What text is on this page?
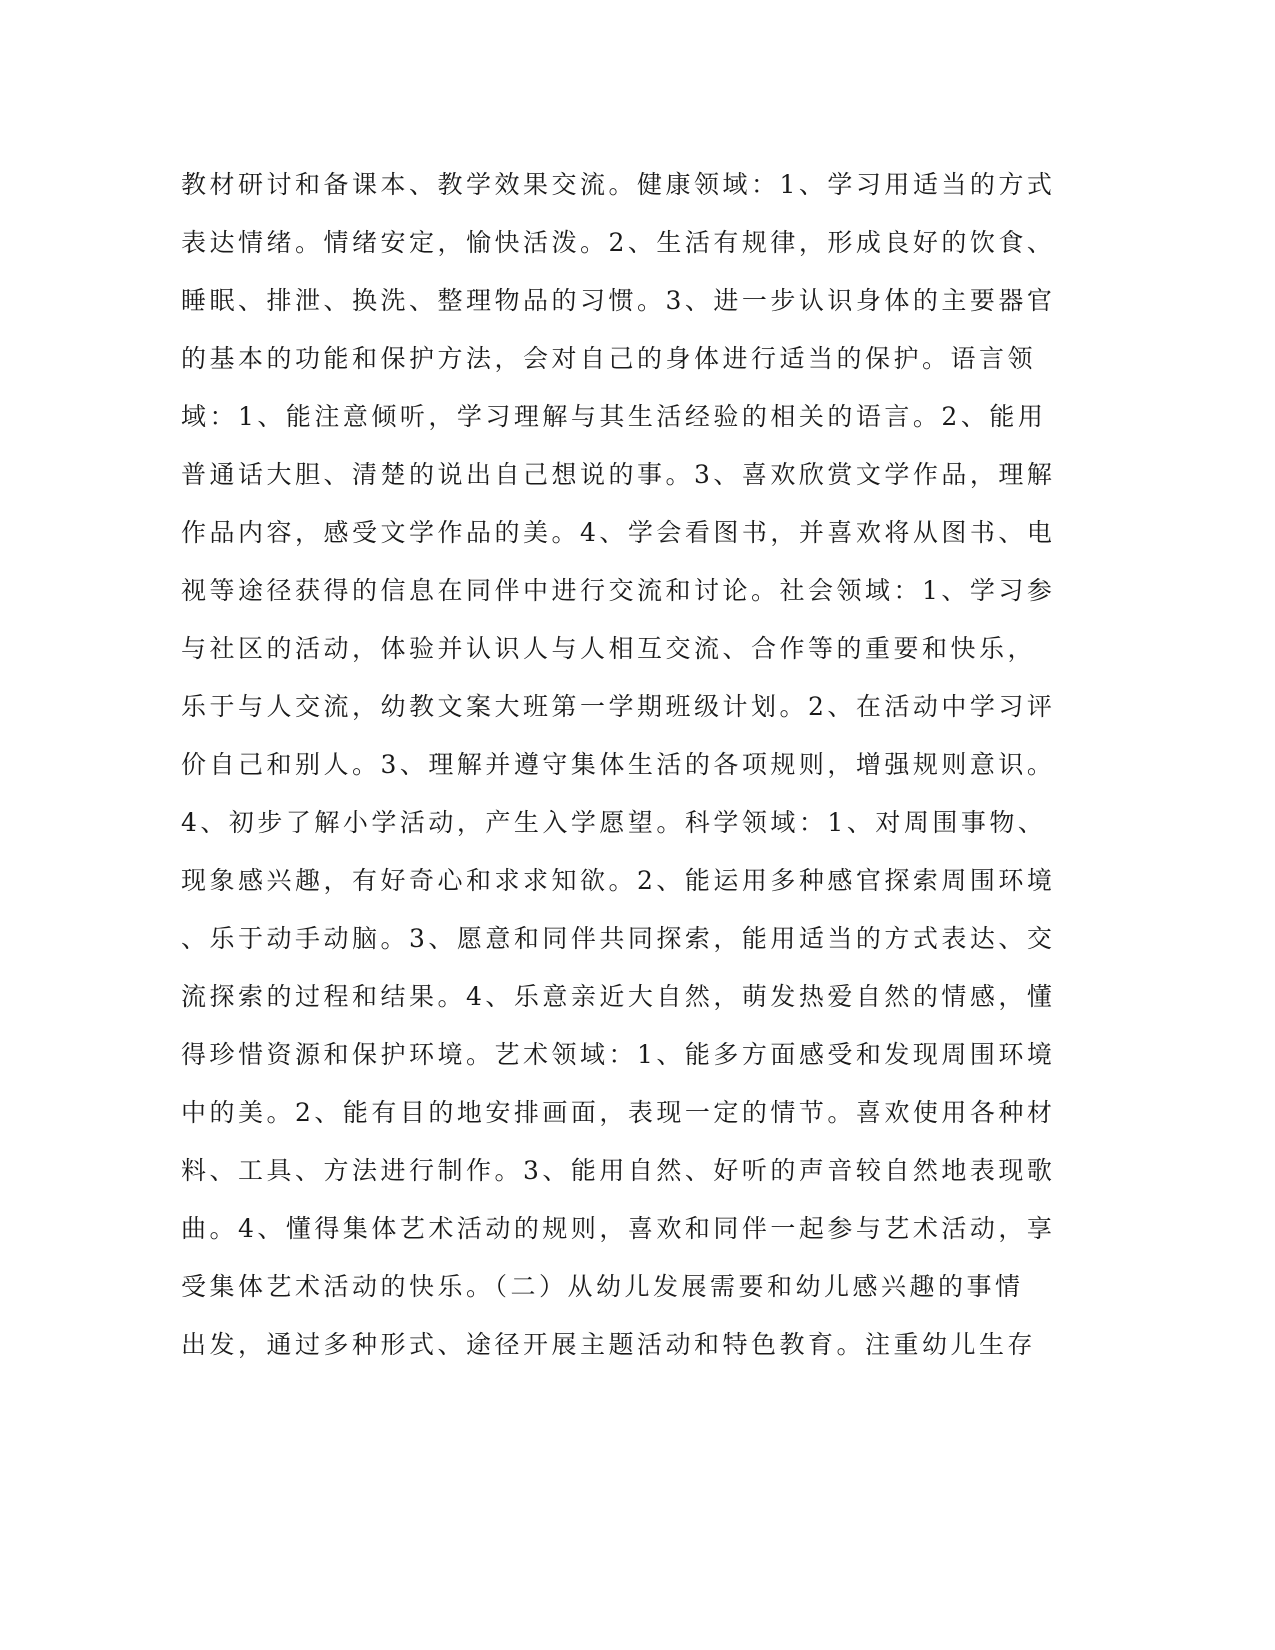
教材研讨和备课本、教学效果交流。健康领域：1、学习用适当的方式
表达情绪。情绪安定，愉快活泼。2、生活有规律，形成良好的饮食、
睡眠、排泄、换洗、整理物品的习惯。3、进一步认识身体的主要器官
的基本的功能和保护方法，会对自己的身体进行适当的保护。语言领
域：1、能注意倾听，学习理解与其生活经验的相关的语言。2、能用
普通话大胆、清楚的说出自己想说的事。3、喜欢欣赏文学作品，理解
作品内容，感受文学作品的美。4、学会看图书，并喜欢将从图书、电
视等途径获得的信息在同伴中进行交流和讨论。社会领域：1、学习参
与社区的活动，体验并认识人与人相互交流、合作等的重要和快乐，
乐于与人交流，幼教文案大班第一学期班级计划。2、在活动中学习评
价自己和别人。3、理解并遵守集体生活的各项规则，增强规则意识。
4、初步了解小学活动，产生入学愿望。科学领域：1、对周围事物、
现象感兴趣，有好奇心和求求知欲。2、能运用多种感官探索周围环境
、乐于动手动脑。3、愿意和同伴共同探索，能用适当的方式表达、交
流探索的过程和结果。4、乐意亲近大自然，萌发热爱自然的情感，懂
得珍惜资源和保护环境。艺术领域：1、能多方面感受和发现周围环境
中的美。2、能有目的地安排画面，表现一定的情节。喜欢使用各种材
料、工具、方法进行制作。3、能用自然、好听的声音较自然地表现歌
曲。4、懂得集体艺术活动的规则，喜欢和同伴一起参与艺术活动，享
受集体艺术活动的快乐。（二）从幼儿发展需要和幼儿感兴趣的事情
出发，通过多种形式、途径开展主题活动和特色教育。注重幼儿生存
